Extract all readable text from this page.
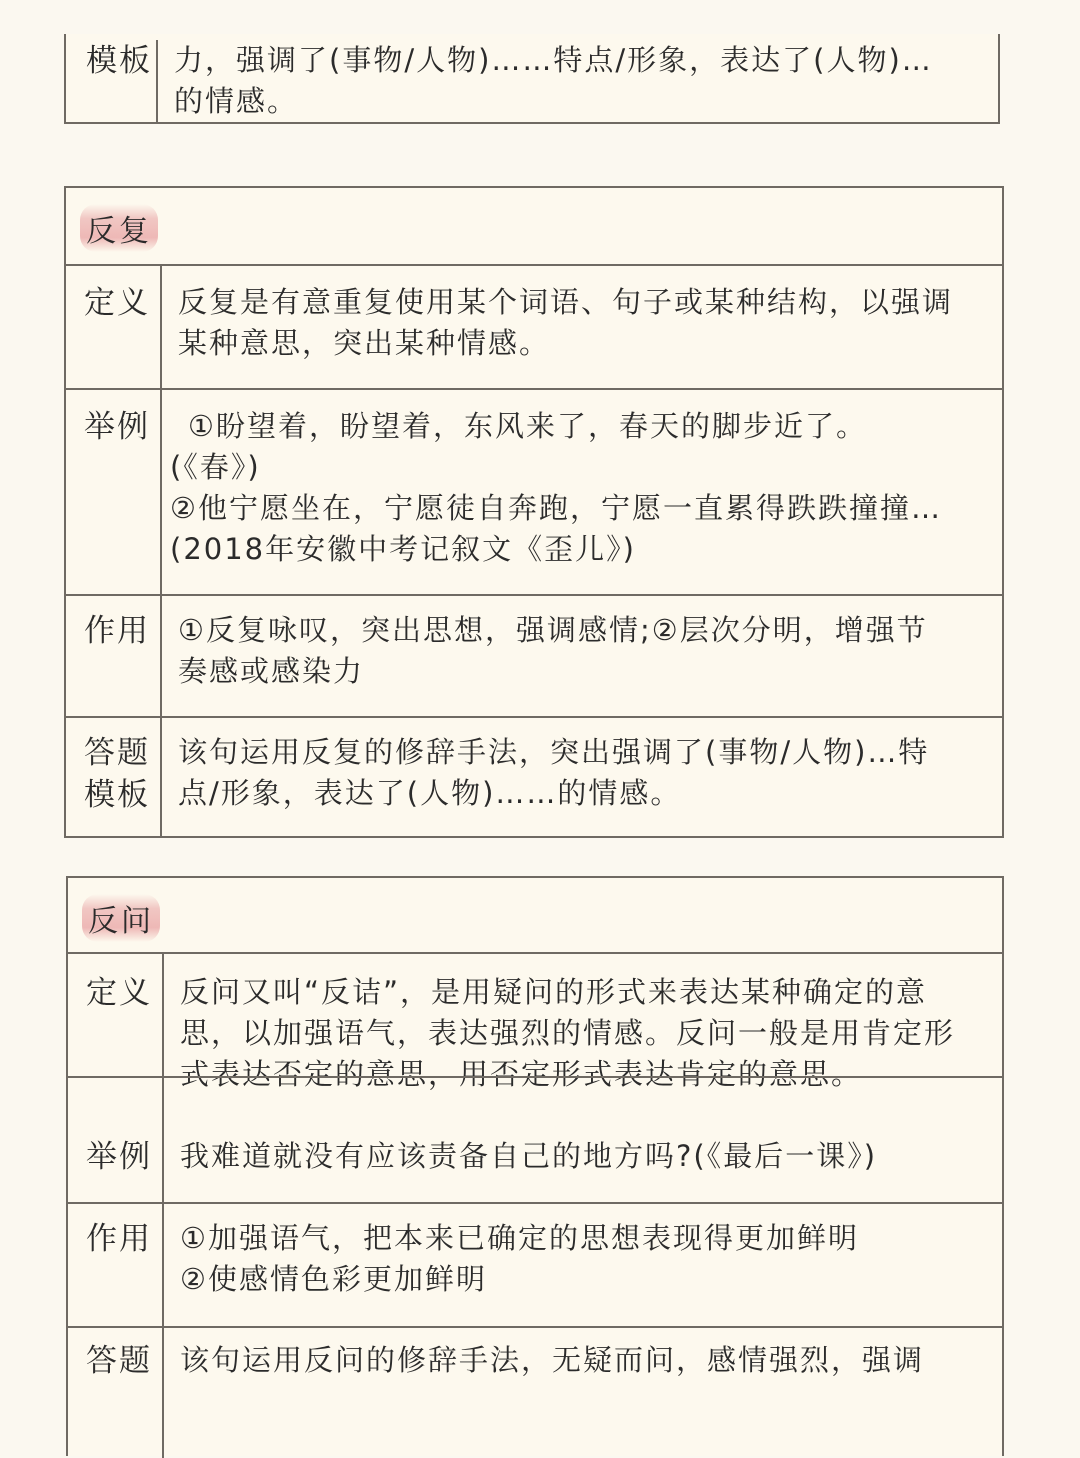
模板 力，强调了(事物/人物)……特点/形象，表达了(人物)…
的情感。
反复
定义 反复是有意重复使用某个词语、句子或某种结构，以强调
某种意思，突出某种情感。
举例	①盼望着，盼望着，东风来了，春天的脚步近了。
(《春》)
②他宁愿坐在，宁愿徒自奔跑，宁愿一直累得跌跌撞撞…
(2018年安徽中考记叙文《歪儿》)
作用 ①反复咏叹，突出思想，强调感情;②层次分明，增强节
奏感或感染力
答题
模板
该句运用反复的修辞手法，突出强调了(事物/人物)…特
点/形象，表达了(人物)……的情感。
反问
定义 反问又叫“反诘”，是用疑问的形式来表达某种确定的意
思，以加强语气，表达强烈的情感。反问一般是用肯定形
式表达否定的意思，用否定形式表达肯定的意思。
举例 我难道就没有应该责备自己的地方吗?(《最后一课》)
作用 ①加强语气，把本来已确定的思想表现得更加鲜明
②使感情色彩更加鲜明
答题 该句运用反问的修辞手法，无疑而问，感情强烈，强调
